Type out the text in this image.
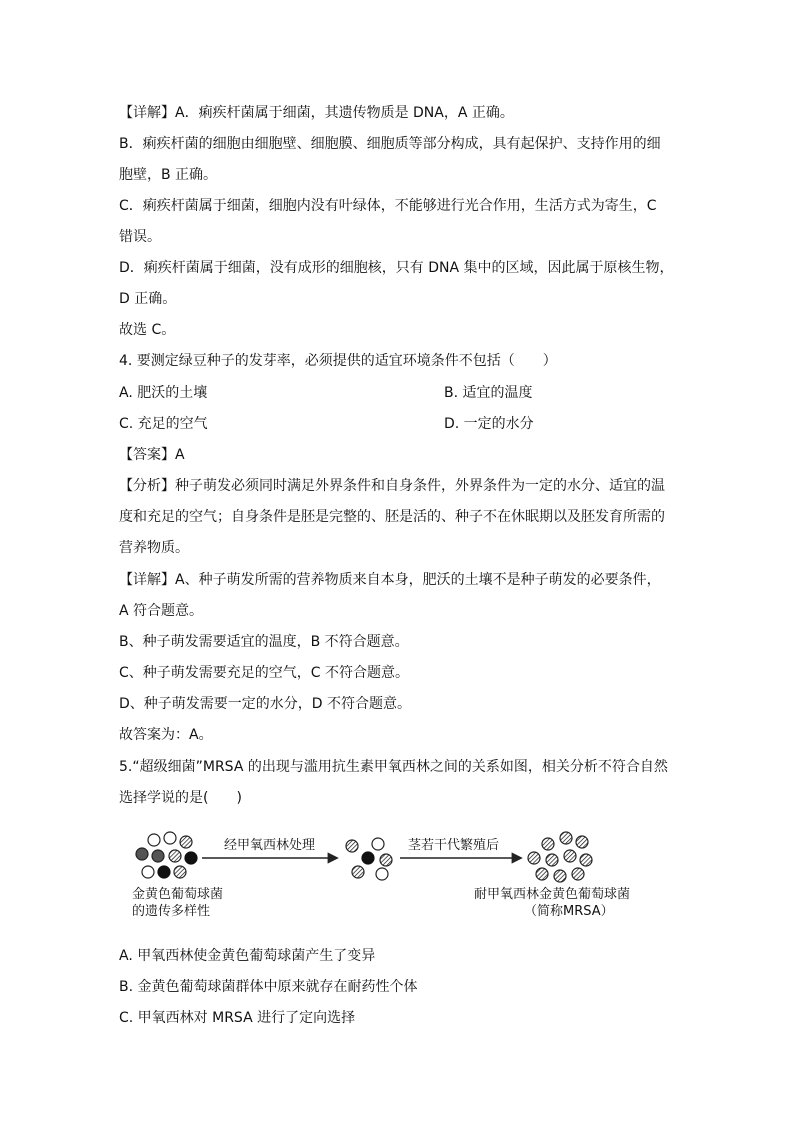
【详解】A．痢疾杆菌属于细菌，其遗传物质是 DNA，A 正确。
B．痢疾杆菌的细胞由细胞壁、细胞膜、细胞质等部分构成，具有起保护、支持作用的细
胞壁，B 正确。
C．痢疾杆菌属于细菌，细胞内没有叶绿体，不能够进行光合作用，生活方式为寄生，C
错误。
D．痢疾杆菌属于细菌，没有成形的细胞核，只有 DNA 集中的区域，因此属于原核生物，
D 正确。
故选 C。
4. 要测定绿豆种子的发芽率，必须提供的适宜环境条件不包括（　　）
A. 肥沃的土壤	B. 适宜的温度
C. 充足的空气	D. 一定的水分
【答案】A
【分析】种子萌发必须同时满足外界条件和自身条件，外界条件为一定的水分、适宜的温
度和充足的空气；自身条件是胚是完整的、胚是活的、种子不在休眠期以及胚发育所需的
营养物质。
【详解】A、种子萌发所需的营养物质来自本身，肥沃的土壤不是种子萌发的必要条件，
A 符合题意。
B、种子萌发需要适宜的温度，B 不符合题意。
C、种子萌发需要充足的空气，C 不符合题意。
D、种子萌发需要一定的水分，D 不符合题意。
故答案为：A。
5.“超级细菌”MRSA 的出现与滥用抗生素甲氧西林之间的关系如图，相关分析不符合自然
选择学说的是(　　)
经甲氧西林处理	茎若干代繁殖后
金黄色葡萄球菌
的遗传多样性
耐甲氧西林金黄色葡萄球菌
（简称MRSA）
A. 甲氧西林使金黄色葡萄球菌产生了变异
B. 金黄色葡萄球菌群体中原来就存在耐药性个体
C. 甲氧西林对 MRSA 进行了定向选择
